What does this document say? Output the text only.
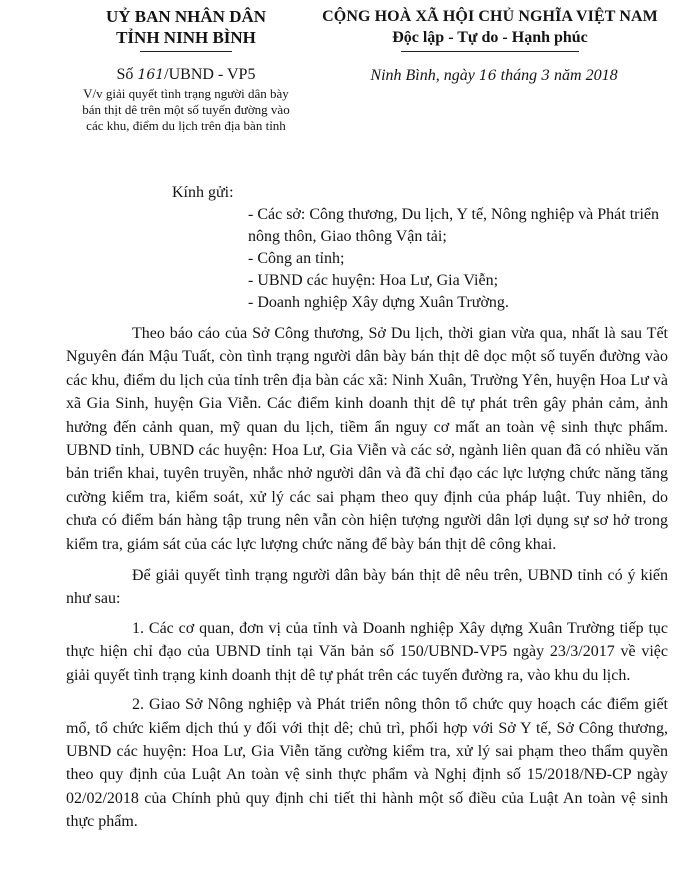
UỶ BAN NHÂN DÂN
TỈNH NINH BÌNH
CỘNG HOÀ XÃ HỘI CHỦ NGHĨA VIỆT NAM
Độc lập - Tự do - Hạnh phúc
Số 161/UBND - VP5
V/v giải quyết tình trạng người dân bày bán thịt dê trên một số tuyến đường vào các khu, điểm du lịch trên địa bàn tỉnh
Ninh Bình, ngày 16 tháng 3 năm 2018
Kính gửi:
- Các sở: Công thương, Du lịch, Y tế, Nông nghiệp và Phát triển nông thôn, Giao thông Vận tải;
- Công an tỉnh;
- UBND các huyện: Hoa Lư, Gia Viễn;
- Doanh nghiệp Xây dựng Xuân Trường.

Theo báo cáo của Sở Công thương, Sở Du lịch, thời gian vừa qua, nhất là sau Tết Nguyên đán Mậu Tuất, còn tình trạng người dân bày bán thịt dê dọc một số tuyến đường vào các khu, điểm du lịch của tỉnh trên địa bàn các xã: Ninh Xuân, Trường Yên, huyện Hoa Lư và xã Gia Sinh, huyện Gia Viễn. Các điểm kinh doanh thịt dê tự phát trên gây phản cảm, ảnh hưởng đến cảnh quan, mỹ quan du lịch, tiềm ẩn nguy cơ mất an toàn vệ sinh thực phẩm. UBND tỉnh, UBND các huyện: Hoa Lư, Gia Viễn và các sở, ngành liên quan đã có nhiều văn bản triển khai, tuyên truyền, nhắc nhở người dân và đã chỉ đạo các lực lượng chức năng tăng cường kiểm tra, kiểm soát, xử lý các sai phạm theo quy định của pháp luật. Tuy nhiên, do chưa có điểm bán hàng tập trung nên vẫn còn hiện tượng người dân lợi dụng sự sơ hở trong kiểm tra, giám sát của các lực lượng chức năng để bày bán thịt dê công khai.

Để giải quyết tình trạng người dân bày bán thịt dê nêu trên, UBND tỉnh có ý kiến như sau:

1. Các cơ quan, đơn vị của tỉnh và Doanh nghiệp Xây dựng Xuân Trường tiếp tục thực hiện chỉ đạo của UBND tỉnh tại Văn bản số 150/UBND-VP5 ngày 23/3/2017 về việc giải quyết tình trạng kinh doanh thịt dê tự phát trên các tuyến đường ra, vào khu du lịch.

2. Giao Sở Nông nghiệp và Phát triển nông thôn tổ chức quy hoạch các điểm giết mổ, tổ chức kiểm dịch thú y đối với thịt dê; chủ trì, phối hợp với Sở Y tế, Sở Công thương, UBND các huyện: Hoa Lư, Gia Viễn tăng cường kiểm tra, xử lý sai phạm theo thẩm quyền theo quy định của Luật An toàn vệ sinh thực phẩm và Nghị định số 15/2018/NĐ-CP ngày 02/02/2018 của Chính phủ quy định chi tiết thi hành một số điều của Luật An toàn vệ sinh thực phẩm.
